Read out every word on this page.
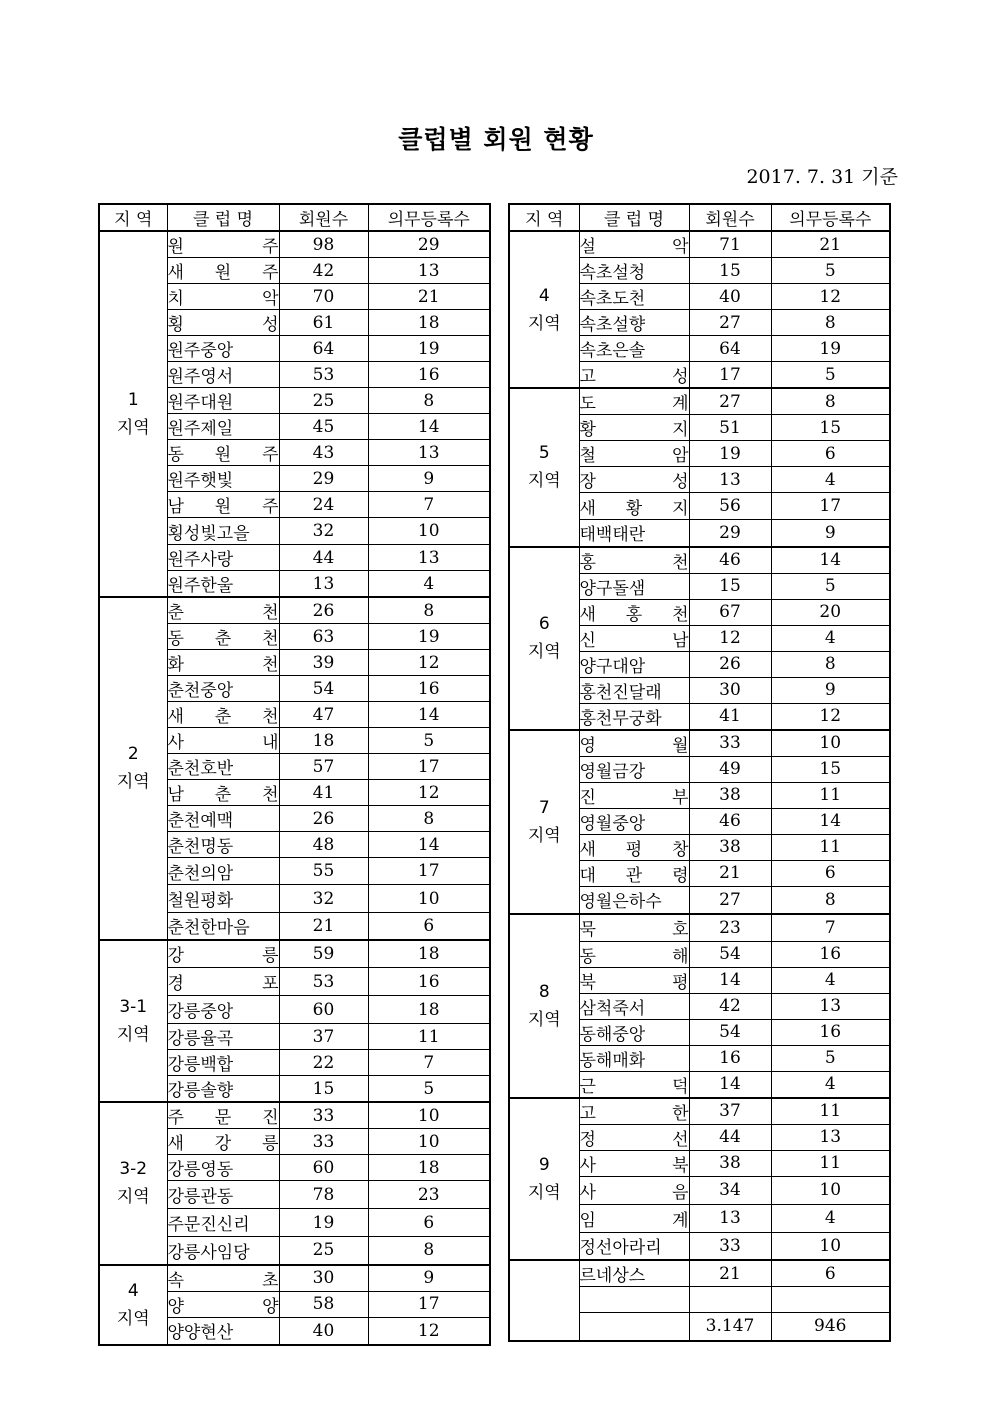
클럽별 회원 현황
2017. 7. 31 기준
지 역	클 럽 명	회원수	의무등록수
1
지역	원 주	98	29
	새 원 주	42	13
	치 악	70	21
	횡 성	61	18
	원주중앙	64	19
	원주영서	53	16
	원주대원	25	8
	원주제일	45	14
	동 원 주	43	13
	원주햇빛	29	9
	남 원 주	24	7
	횡성빛고을	32	10
	원주사랑	44	13
	원주한울	13	4
2
지역	춘 천	26	8
	동 춘 천	63	19
	화 천	39	12
	춘천중앙	54	16
	새 춘 천	47	14
	사 내	18	5
	춘천호반	57	17
	남 춘 천	41	12
	춘천예맥	26	8
	춘천명동	48	14
	춘천의암	55	17
	철원평화	32	10
	춘천한마음	21	6
3-1
지역	강 릉	59	18
	경 포	53	16
	강릉중앙	60	18
	강릉율곡	37	11
	강릉백합	22	7
	강릉솔향	15	5
3-2
지역	주 문 진	33	10
	새 강 릉	33	10
	강릉영동	60	18
	강릉관동	78	23
	주문진신리	19	6
	강릉사임당	25	8
4
지역	속 초	30	9
	양 양	58	17
	양양현산	40	12
지 역	클 럽 명	회원수	의무등록수
4
지역	설 악	71	21
	속초설청	15	5
	속초도천	40	12
	속초설향	27	8
	속초은솔	64	19
	고 성	17	5
5
지역	도 계	27	8
	황 지	51	15
	철 암	19	6
	장 성	13	4
	새 황 지	56	17
	태백태란	29	9
6
지역	홍 천	46	14
	양구돌샘	15	5
	새 홍 천	67	20
	신 남	12	4
	양구대암	26	8
	홍천진달래	30	9
	홍천무궁화	41	12
7
지역	영 월	33	10
	영월금강	49	15
	진 부	38	11
	영월중앙	46	14
	새 평 창	38	11
	대 관 령	21	6
	영월은하수	27	8
8
지역	묵 호	23	7
	동 해	54	16
	북 평	14	4
	삼척죽서	42	13
	동해중앙	54	16
	동해매화	16	5
	근 덕	14	4
9
지역	고 한	37	11
	정 선	44	13
	사 북	38	11
	사 음	34	10
	임 계	13	4
	정선아라리	33	10
	르네상스	21	6

		3.147	946
